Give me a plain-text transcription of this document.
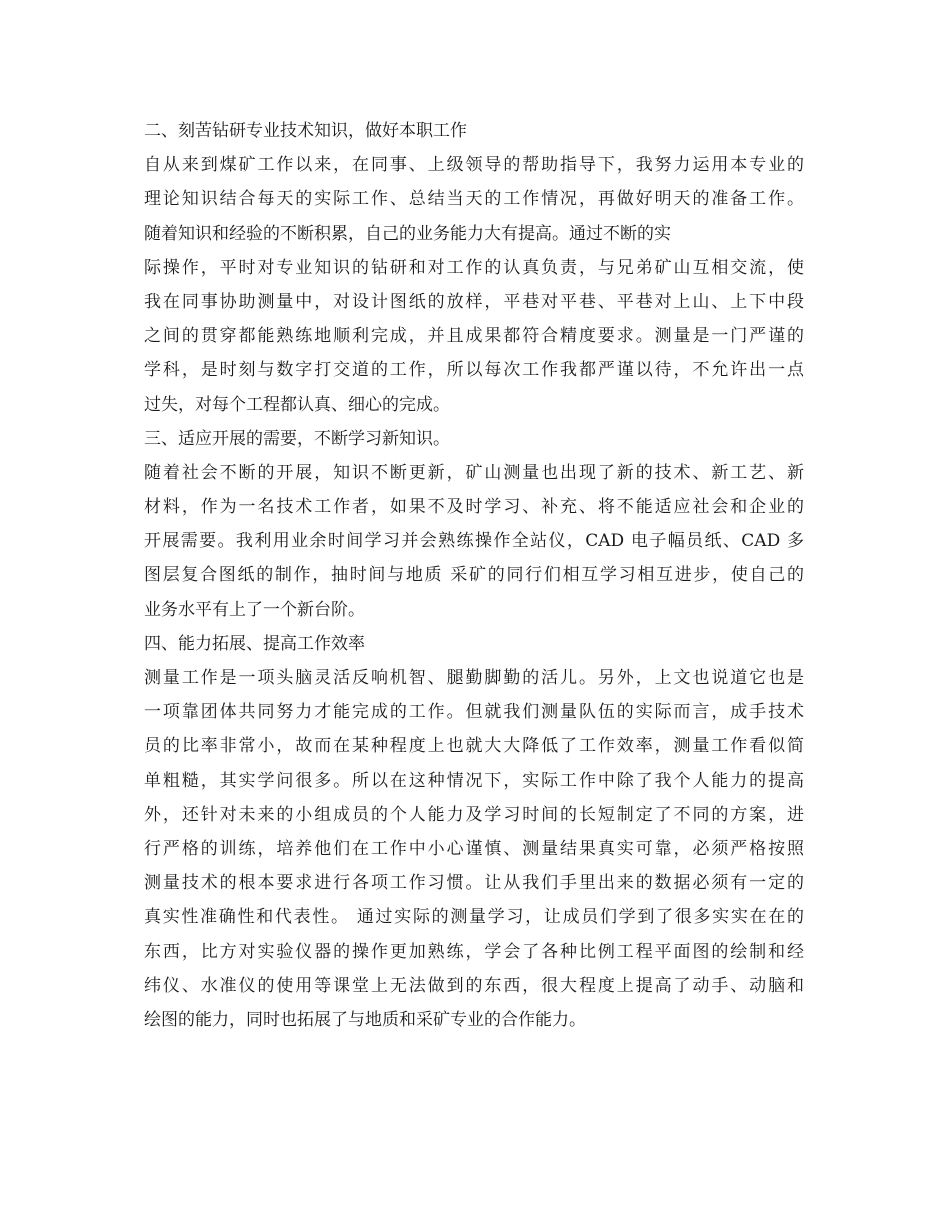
二、刻苦钻研专业技术知识，做好本职工作
自从来到煤矿工作以来，在同事、上级领导的帮助指导下，我努力运用本专业的
理论知识结合每天的实际工作、总结当天的工作情况，再做好明天的准备工作。
随着知识和经验的不断积累，自己的业务能力大有提高。通过不断的实
际操作，平时对专业知识的钻研和对工作的认真负责，与兄弟矿山互相交流，使
我在同事协助测量中，对设计图纸的放样，平巷对平巷、平巷对上山、上下中段
之间的贯穿都能熟练地顺利完成，并且成果都符合精度要求。测量是一门严谨的
学科，是时刻与数字打交道的工作，所以每次工作我都严谨以待，不允许出一点
过失，对每个工程都认真、细心的完成。
三、适应开展的需要，不断学习新知识。
随着社会不断的开展，知识不断更新，矿山测量也出现了新的技术、新工艺、新
材料，作为一名技术工作者，如果不及时学习、补充、将不能适应社会和企业的
开展需要。我利用业余时间学习并会熟练操作全站仪，CAD 电子幅员纸、CAD 多
图层复合图纸的制作，抽时间与地质 采矿的同行们相互学习相互进步，使自己的
业务水平有上了一个新台阶。
四、能力拓展、提高工作效率
测量工作是一项头脑灵活反响机智、腿勤脚勤的活儿。另外，上文也说道它也是
一项靠团体共同努力才能完成的工作。但就我们测量队伍的实际而言，成手技术
员的比率非常小，故而在某种程度上也就大大降低了工作效率，测量工作看似简
单粗糙，其实学问很多。所以在这种情况下，实际工作中除了我个人能力的提高
外，还针对未来的小组成员的个人能力及学习时间的长短制定了不同的方案，进
行严格的训练，培养他们在工作中小心谨慎、测量结果真实可靠，必须严格按照
测量技术的根本要求进行各项工作习惯。让从我们手里出来的数据必须有一定的
真实性准确性和代表性。 通过实际的测量学习，让成员们学到了很多实实在在的
东西，比方对实验仪器的操作更加熟练，学会了各种比例工程平面图的绘制和经
纬仪、水准仪的使用等课堂上无法做到的东西，很大程度上提高了动手、动脑和
绘图的能力，同时也拓展了与地质和采矿专业的合作能力。
